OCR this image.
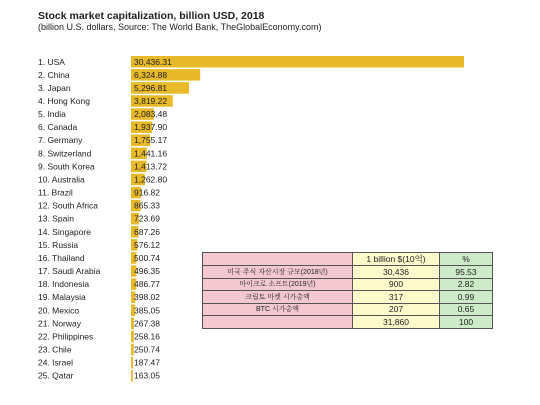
Stock market capitalization, billion USD, 2018
(billion U.S. dollars, Source: The World Bank, TheGlobalEconomy.com)
1. USA	30,436.31
2. China	6,324.88
3. Japan	5,296.81
4. Hong Kong	3,819.22
5. India	2,083.48
6. Canada	1,937.90
7. Germany	1,755.17
8. Switzerland	1,441.16
9. South Korea	1,413.72
10. Australia	1,262.80
11. Brazil	916.82
12. South Africa	865.33
13. Spain	723.69
14. Singapore	687.26
15. Russia	576.12
16. Thailand	500.74
17. Saudi Arabia	496.35
18. Indonesia	486.77
19. Malaysia	398.02
20. Mexico	385.05
21. Norway	267.38
22. Philippines	258.16
23. Chile	250.74
24. Israel	187.47
25. Qatar	163.05
	1 billion $(10억)	%
미국 주식 자산시장 규모(2018년)	30,436	95.53
마이크로 소프트(2019년)	900	2.82
크립토 마켓 시가총액	317	0.99
BTC 시가총액	207	0.65
	31,860	100
